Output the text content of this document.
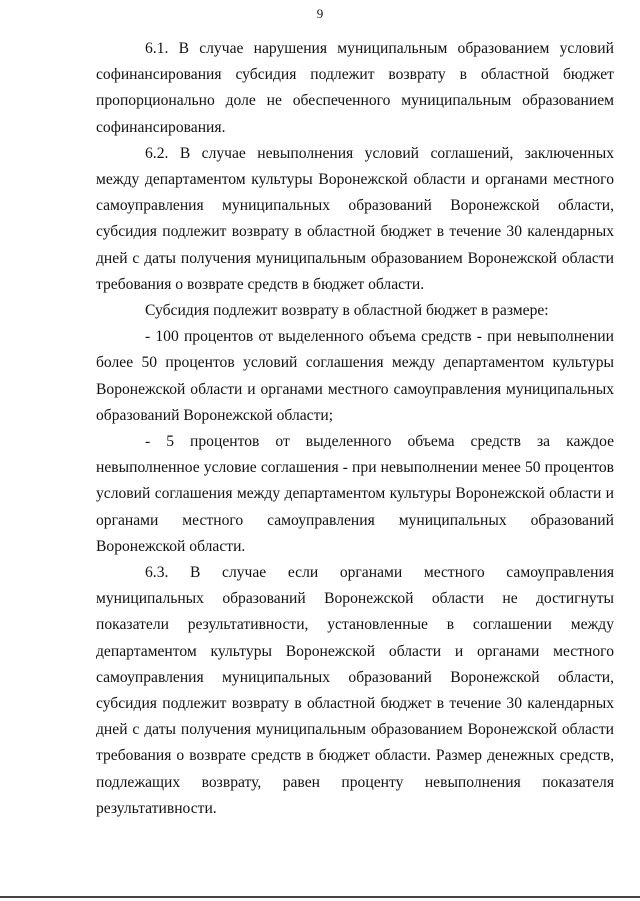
9

6.1. В случае нарушения муниципальным образованием условий софинансирования субсидия подлежит возврату в областной бюджет пропорционально доле не обеспеченного муниципальным образованием софинансирования.

6.2. В случае невыполнения условий соглашений, заключенных между департаментом культуры Воронежской области и органами местного самоуправления муниципальных образований Воронежской области, субсидия подлежит возврату в областной бюджет в течение 30 календарных дней с даты получения муниципальным образованием Воронежской области требования о возврате средств в бюджет области.

Субсидия подлежит возврату в областной бюджет в размере:

- 100 процентов от выделенного объема средств - при невыполнении более 50 процентов условий соглашения между департаментом культуры Воронежской области и органами местного самоуправления муниципальных образований Воронежской области;

- 5 процентов от выделенного объема средств за каждое невыполненное условие соглашения - при невыполнении менее 50 процентов условий соглашения между департаментом культуры Воронежской области и органами местного самоуправления муниципальных образований Воронежской области.

6.3. В случае если органами местного самоуправления муниципальных образований Воронежской области не достигнуты показатели результативности, установленные в соглашении между департаментом культуры Воронежской области и органами местного самоуправления муниципальных образований Воронежской области, субсидия подлежит возврату в областной бюджет в течение 30 календарных дней с даты получения муниципальным образованием Воронежской области требования о возврате средств в бюджет области. Размер денежных средств, подлежащих возврату, равен проценту невыполнения показателя результативности.
